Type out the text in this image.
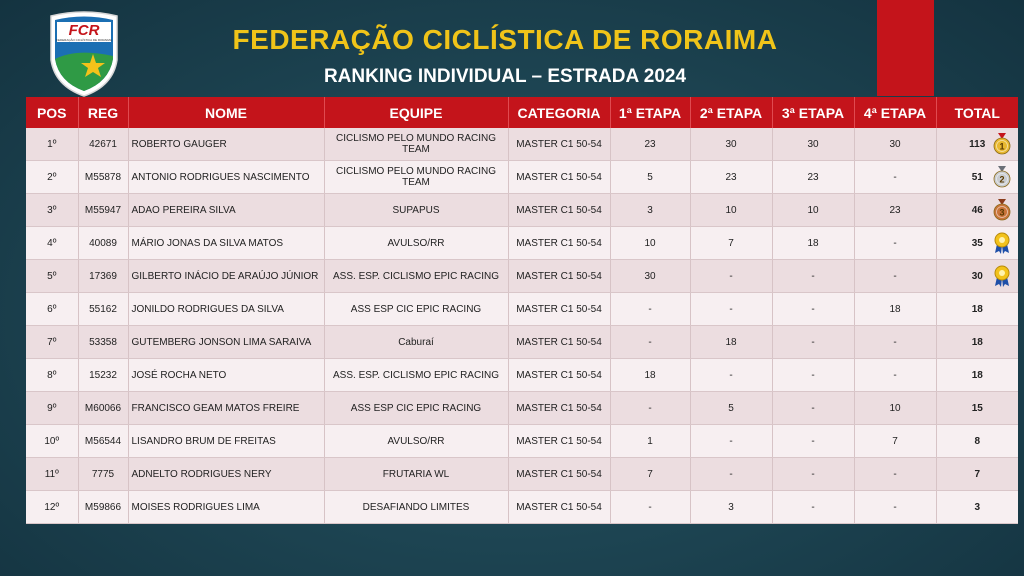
FCR
FEDERAÇÃO CICLÍSTICA DE RORAIMA	FEDERAÇÃO CICLÍSTICA DE RORAIMA
RANKING INDIVIDUAL – ESTRADA 2024
POS	REG	NOME	EQUIPE	CATEGORIA	1ª ETAPA	2ª ETAPA	3ª ETAPA	4ª ETAPA	TOTAL
1º	42671	ROBERTO GAUGER	CICLISMO PELO MUNDO RACING TEAM	MASTER C1 50-54	23	30	30	30	113 1

2º	M55878	ANTONIO RODRIGUES NASCIMENTO	CICLISMO PELO MUNDO RACING TEAM	MASTER C1 50-54	5	23	23	-	51 2

3º	M55947	ADAO PEREIRA SILVA	SUPAPUS	MASTER C1 50-54	3	10	10	23	46 3

4º	40089	MÁRIO JONAS DA SILVA MATOS	AVULSO/RR	MASTER C1 50-54	10	7	18	-	35

5º	17369	GILBERTO INÁCIO DE ARAÚJO JÚNIOR	ASS. ESP. CICLISMO EPIC RACING	MASTER C1 50-54	30	-	-	-	30

6º	55162	JONILDO RODRIGUES DA SILVA	ASS ESP CIC EPIC RACING	MASTER C1 50-54	-	-	-	18	18
7º	53358	GUTEMBERG JONSON LIMA SARAIVA	Caburaí	MASTER C1 50-54	-	18	-	-	18
8º	15232	JOSÉ ROCHA NETO	ASS. ESP. CICLISMO EPIC RACING	MASTER C1 50-54	18	-	-	-	18
9º	M60066	FRANCISCO GEAM MATOS FREIRE	ASS ESP CIC EPIC RACING	MASTER C1 50-54	-	5	-	10	15
10º	M56544	LISANDRO BRUM DE FREITAS	AVULSO/RR	MASTER C1 50-54	1	-	-	7	8
11º	7775	ADNELTO RODRIGUES NERY	FRUTARIA WL	MASTER C1 50-54	7	-	-	-	7
12º	M59866	MOISES RODRIGUES LIMA	DESAFIANDO LIMITES	MASTER C1 50-54	-	3	-	-	3
